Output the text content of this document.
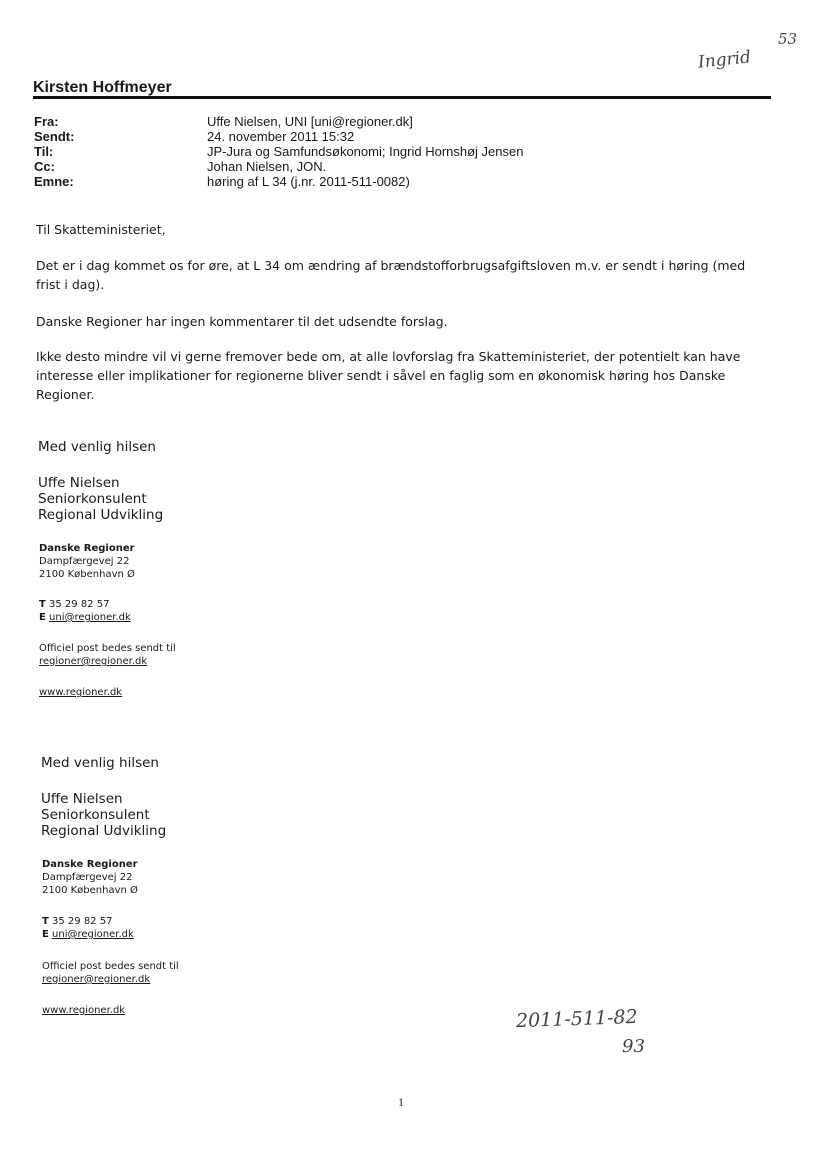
53
Ingrid
Kirsten Hoffmeyer
Fra:	Uffe Nielsen, UNI [uni@regioner.dk]
Sendt:	24. november 2011 15:32
Til:	JP-Jura og Samfundsøkonomi; Ingrid Hornshøj Jensen
Cc:	Johan Nielsen, JON.
Emne:	høring af L 34 (j.nr. 2011-511-0082)
Til Skatteministeriet,
Det er i dag kommet os for øre, at L 34 om ændring af brændstofforbrugsafgiftsloven m.v. er sendt i høring (med
frist i dag).
Danske Regioner har ingen kommentarer til det udsendte forslag.
Ikke desto mindre vil vi gerne fremover bede om, at alle lovforslag fra Skatteministeriet, der potentielt kan have
interesse eller implikationer for regionerne bliver sendt i såvel en faglig som en økonomisk høring hos Danske
Regioner.
Med venlig hilsen
Uffe Nielsen
Seniorkonsulent
Regional Udvikling
Danske Regioner
Dampfærgevej 22
2100 København Ø
T 35 29 82 57
E uni@regioner.dk
Officiel post bedes sendt til
regioner@regioner.dk
www.regioner.dk
Med venlig hilsen
Uffe Nielsen
Seniorkonsulent
Regional Udvikling
Danske Regioner
Dampfærgevej 22
2100 København Ø
T 35 29 82 57
E uni@regioner.dk
Officiel post bedes sendt til
regioner@regioner.dk
www.regioner.dk	2011-511-82
93
1
